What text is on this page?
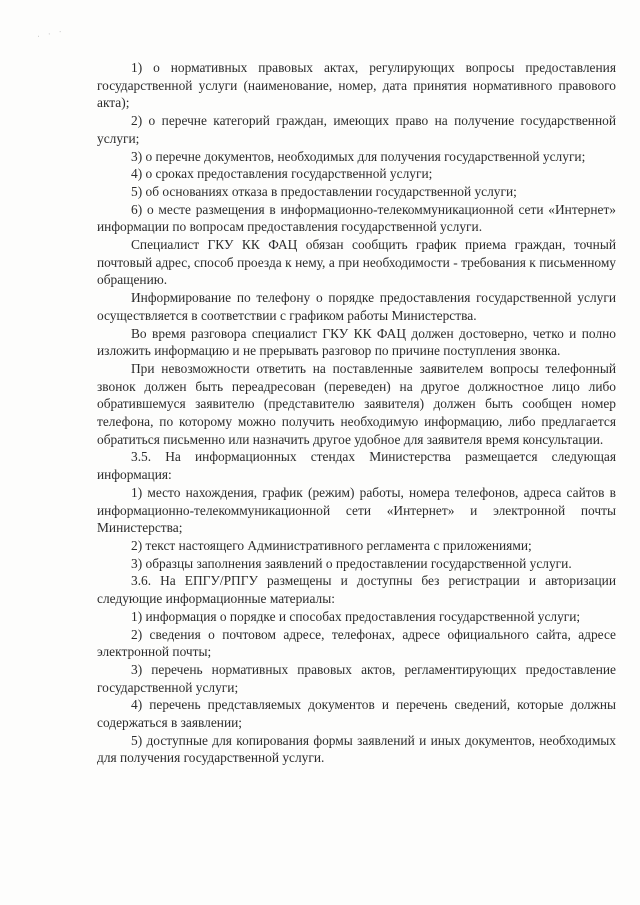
· · ·

1) о нормативных правовых актах, регулирующих вопросы предоставления государственной услуги (наименование, номер, дата принятия нормативного правового акта);

2) о перечне категорий граждан, имеющих право на получение государственной услуги;

3) о перечне документов, необходимых для получения государственной услуги;

4) о сроках предоставления государственной услуги;

5) об основаниях отказа в предоставлении государственной услуги;

6) о месте размещения в информационно-телекоммуникационной сети «Интернет» информации по вопросам предоставления государственной услуги.

Специалист ГКУ КК ФАЦ обязан сообщить график приема граждан, точный почтовый адрес, способ проезда к нему, а при необходимости - требования к письменному обращению.

Информирование по телефону о порядке предоставления государственной услуги осуществляется в соответствии с графиком работы Министерства.

Во время разговора специалист ГКУ КК ФАЦ должен достоверно, четко и полно изложить информацию и не прерывать разговор по причине поступления звонка.

При невозможности ответить на поставленные заявителем вопросы телефонный звонок должен быть переадресован (переведен) на другое должностное лицо либо обратившемуся заявителю (представителю заявителя) должен быть сообщен номер телефона, по которому можно получить необходимую информацию, либо предлагается обратиться письменно или назначить другое удобное для заявителя время консультации.

3.5. На информационных стендах Министерства размещается следующая информация:

1) место нахождения, график (режим) работы, номера телефонов, адреса сайтов в информационно-телекоммуникационной сети «Интернет» и электронной почты Министерства;

2) текст настоящего Административного регламента с приложениями;

3) образцы заполнения заявлений о предоставлении государственной услуги.

3.6. На ЕПГУ/РПГУ размещены и доступны без регистрации и авторизации следующие информационные материалы:

1) информация о порядке и способах предоставления государственной услуги;

2) сведения о почтовом адресе, телефонах, адресе официального сайта, адресе электронной почты;

3) перечень нормативных правовых актов, регламентирующих предоставление государственной услуги;

4) перечень представляемых документов и перечень сведений, которые должны содержаться в заявлении;

5) доступные для копирования формы заявлений и иных документов, необходимых для получения государственной услуги.
